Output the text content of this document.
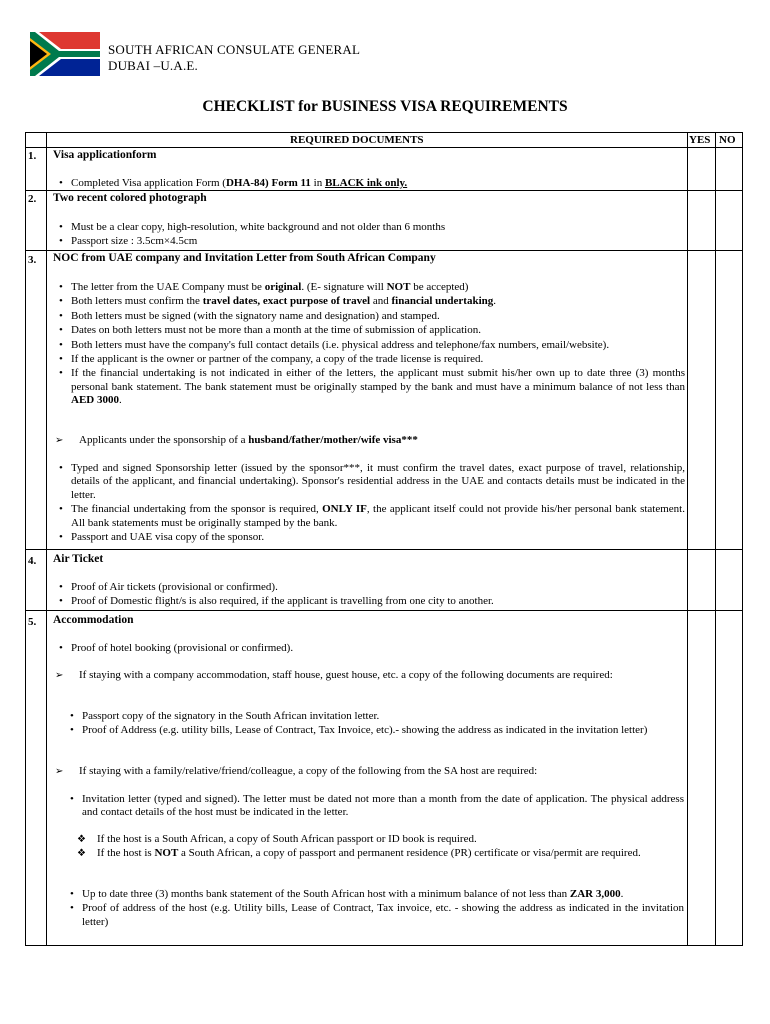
SOUTH AFRICAN CONSULATE GENERAL
DUBAI –U.A.E.
CHECKLIST for BUSINESS VISA REQUIREMENTS
REQUIRED DOCUMENTS	YES NO
1. Visa applicationform
• Completed Visa application Form (DHA-84) Form 11 in BLACK ink only.
2. Two recent colored photograph
• Must be a clear copy, high-resolution, white background and not older than 6 months
• Passport size : 3.5cm×4.5cm
3. NOC from UAE company and Invitation Letter from South African Company
• The letter from the UAE Company must be original. (E- signature will NOT be accepted)
• Both letters must confirm the travel dates, exact purpose of travel and financial undertaking.
• Both letters must be signed (with the signatory name and designation) and stamped.
• Dates on both letters must not be more than a month at the time of submission of application.
• Both letters must have the company's full contact details (i.e. physical address and telephone/fax numbers, email/website).
• If the applicant is the owner or partner of the company, a copy of the trade license is required.
• If the financial undertaking is not indicated in either of the letters, the applicant must submit his/her own up to date three (3) months personal bank statement. The bank statement must be originally stamped by the bank and must have a minimum balance of not less than AED 3000.
➢ Applicants under the sponsorship of a husband/father/mother/wife visa***
• Typed and signed Sponsorship letter (issued by the sponsor***, it must confirm the travel dates, exact purpose of travel, relationship, details of the applicant, and financial undertaking). Sponsor's residential address in the UAE and contacts details must be indicated in the letter.
• The financial undertaking from the sponsor is required, ONLY IF, the applicant itself could not provide his/her personal bank statement. All bank statements must be originally stamped by the bank.
• Passport and UAE visa copy of the sponsor.
4. Air Ticket
• Proof of Air tickets (provisional or confirmed).
• Proof of Domestic flight/s is also required, if the applicant is travelling from one city to another.
5. Accommodation
• Proof of hotel booking (provisional or confirmed).
➢ If staying with a company accommodation, staff house, guest house, etc. a copy of the following documents are required:
• Passport copy of the signatory in the South African invitation letter.
• Proof of Address (e.g. utility bills, Lease of Contract, Tax Invoice, etc).- showing the address as indicated in the invitation letter)
➢ If staying with a family/relative/friend/colleague, a copy of the following from the SA host are required:
• Invitation letter (typed and signed). The letter must be dated not more than a month from the date of application. The physical address and contact details of the host must be indicated in the letter.
❖ If the host is a South African, a copy of South African passport or ID book is required.
❖ If the host is NOT a South African, a copy of passport and permanent residence (PR) certificate or visa/permit are required.
• Up to date three (3) months bank statement of the South African host with a minimum balance of not less than ZAR 3,000.
• Proof of address of the host (e.g. Utility bills, Lease of Contract, Tax invoice, etc. - showing the address as indicated in the invitation letter)
